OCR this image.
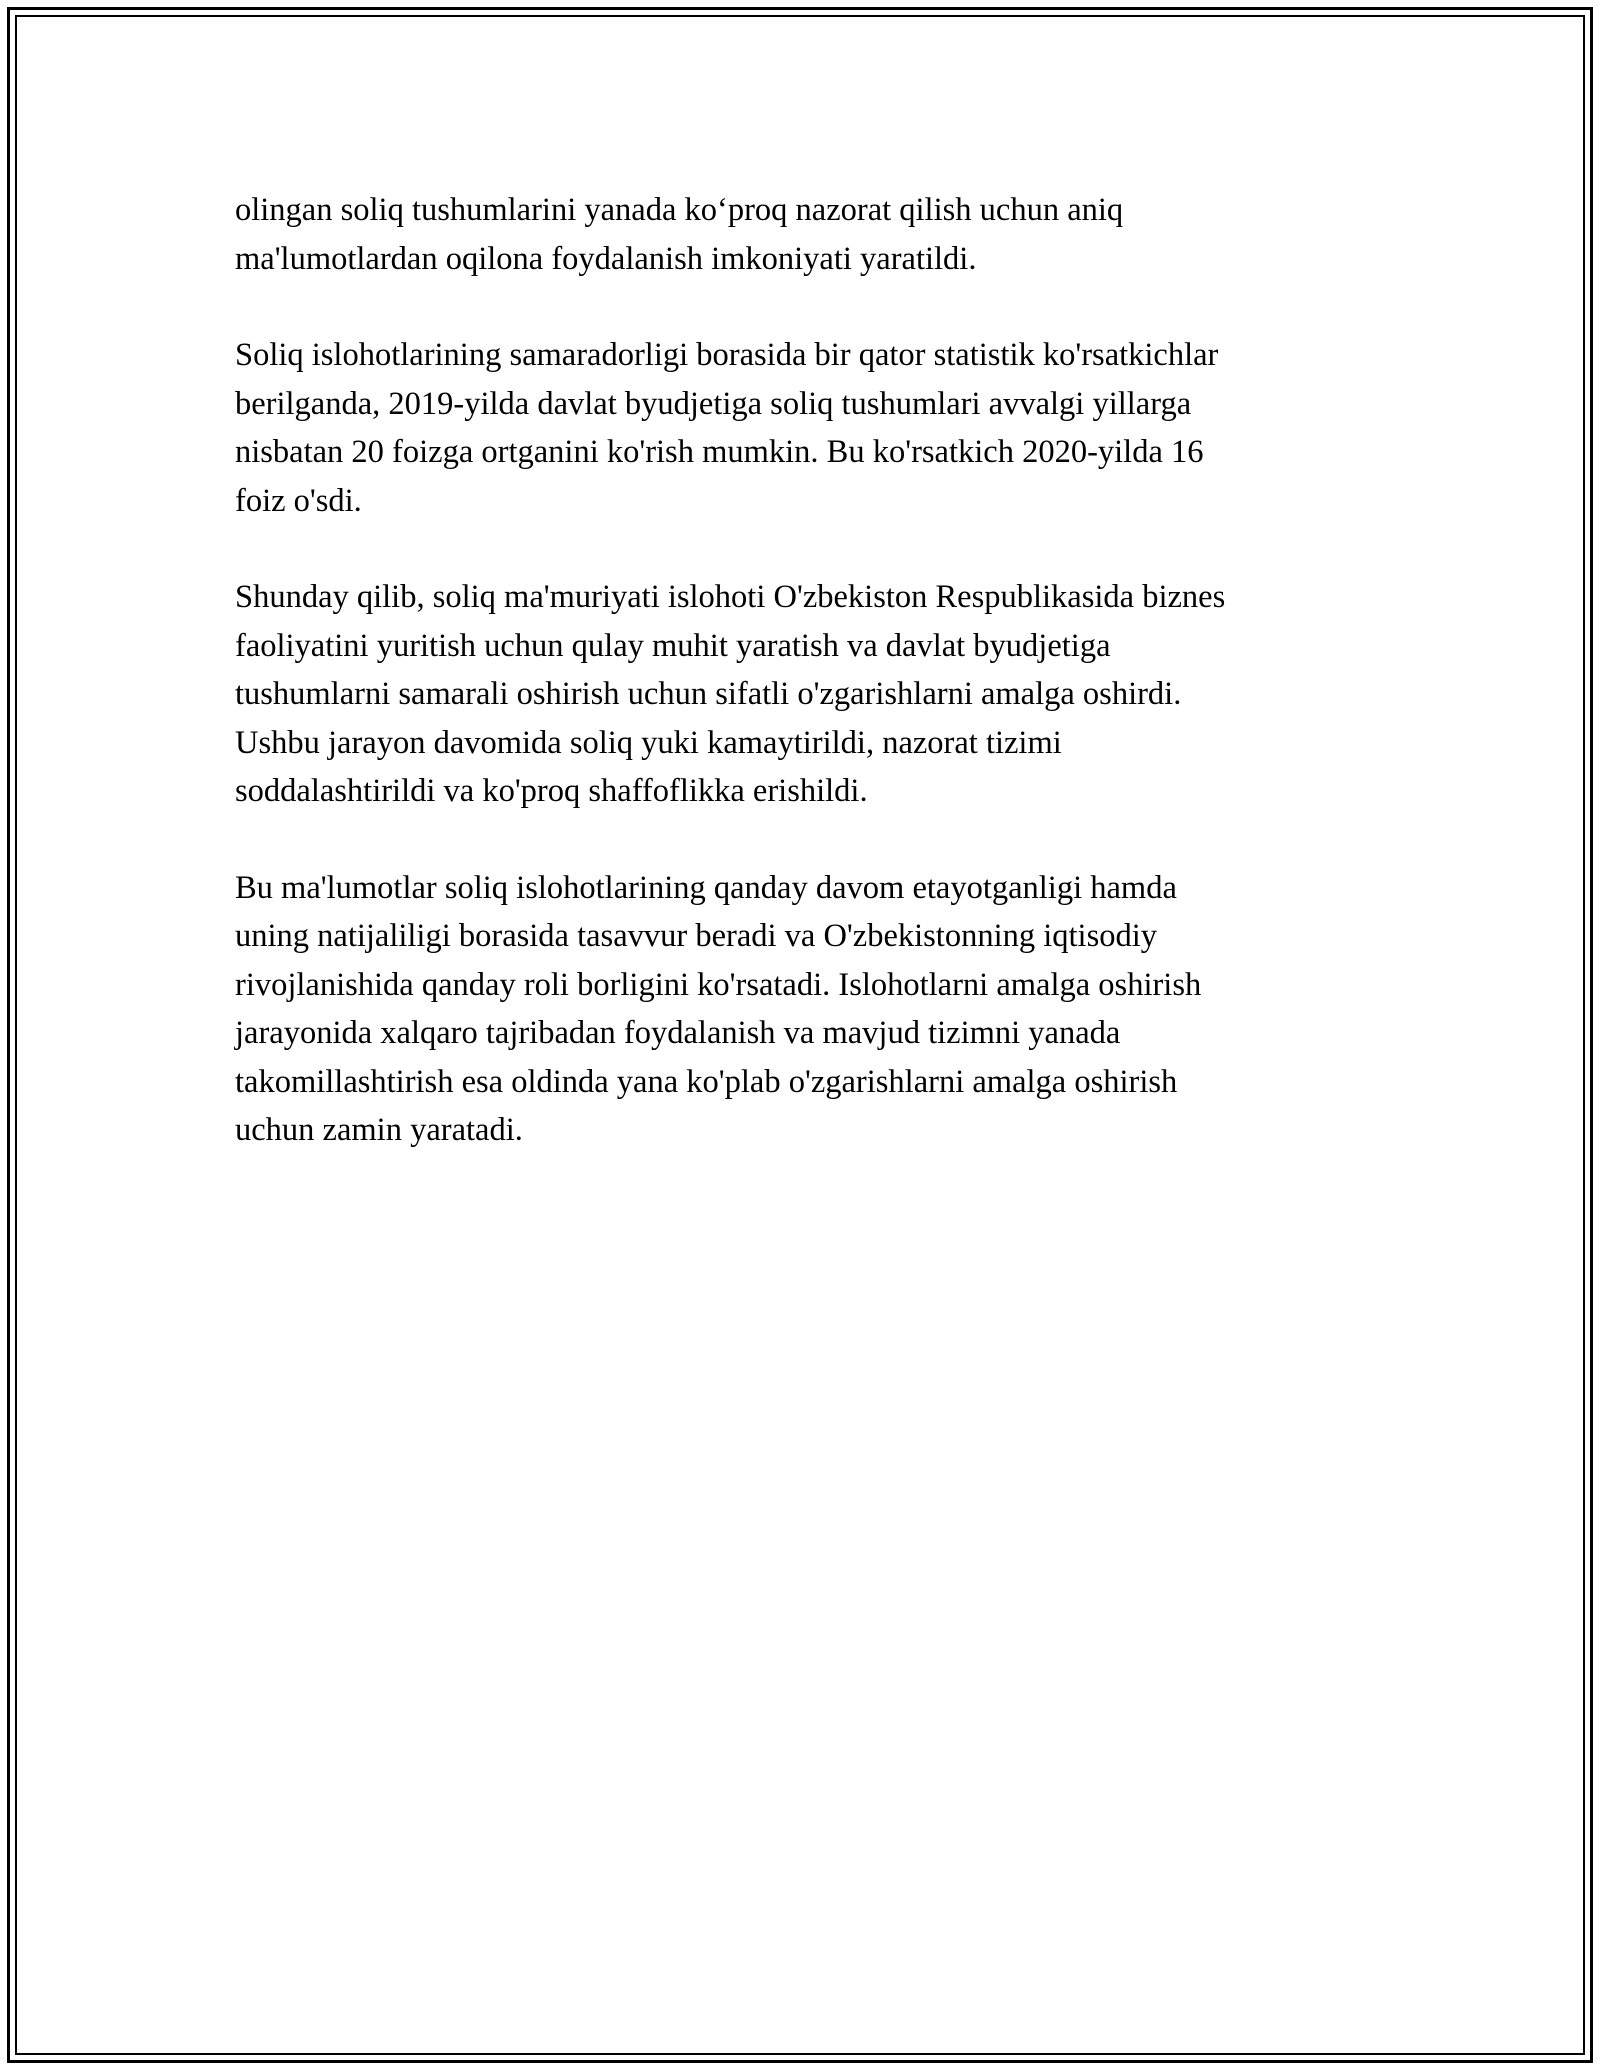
olingan soliq tushumlarini yanada ko‘proq nazorat qilish uchun aniq
ma'lumotlardan oqilona foydalanish imkoniyati yaratildi.

Soliq islohotlarining samaradorligi borasida bir qator statistik ko'rsatkichlar
berilganda, 2019-yilda davlat byudjetiga soliq tushumlari avvalgi yillarga
nisbatan 20 foizga ortganini ko'rish mumkin. Bu ko'rsatkich 2020-yilda 16
foiz o'sdi.

Shunday qilib, soliq ma'muriyati islohoti O'zbekiston Respublikasida biznes
faoliyatini yuritish uchun qulay muhit yaratish va davlat byudjetiga
tushumlarni samarali oshirish uchun sifatli o'zgarishlarni amalga oshirdi.
Ushbu jarayon davomida soliq yuki kamaytirildi, nazorat tizimi
soddalashtirildi va ko'proq shaffoflikka erishildi.

Bu ma'lumotlar soliq islohotlarining qanday davom etayotganligi hamda
uning natijaliligi borasida tasavvur beradi va O'zbekistonning iqtisodiy
rivojlanishida qanday roli borligini ko'rsatadi. Islohotlarni amalga oshirish
jarayonida xalqaro tajribadan foydalanish va mavjud tizimni yanada
takomillashtirish esa oldinda yana ko'plab o'zgarishlarni amalga oshirish
uchun zamin yaratadi.
